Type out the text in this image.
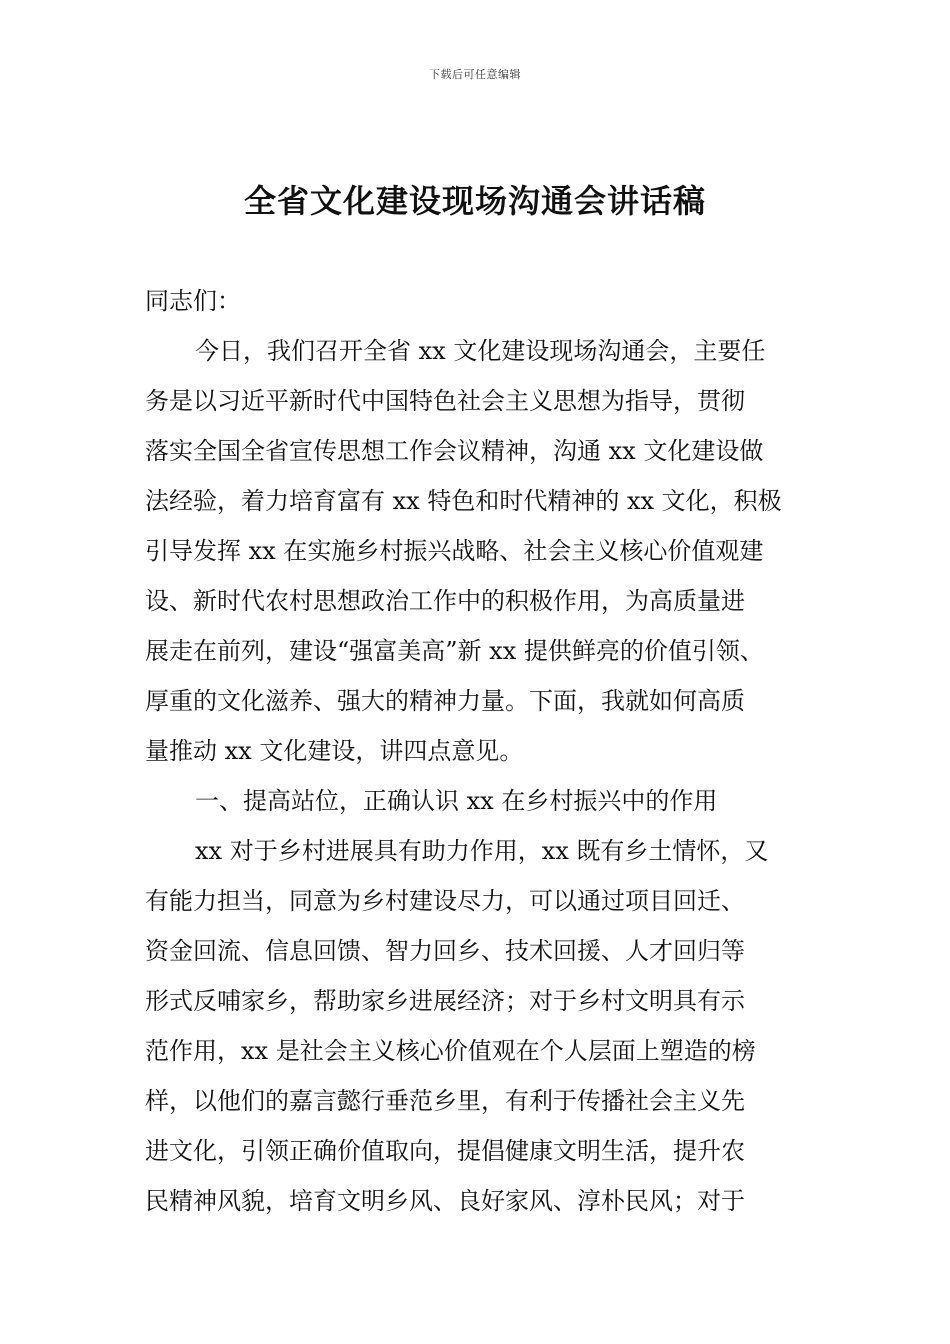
下载后可任意编辑
全省文化建设现场沟通会讲话稿
同志们：
今日，我们召开全省 xx 文化建设现场沟通会，主要任
务是以习近平新时代中国特色社会主义思想为指导，贯彻
落实全国全省宣传思想工作会议精神，沟通 xx 文化建设做
法经验，着力培育富有 xx 特色和时代精神的 xx 文化，积极
引导发挥 xx 在实施乡村振兴战略、社会主义核心价值观建
设、新时代农村思想政治工作中的积极作用，为高质量进
展走在前列，建设“强富美高”新 xx 提供鲜亮的价值引领、
厚重的文化滋养、强大的精神力量。下面，我就如何高质
量推动 xx 文化建设，讲四点意见。
一、提高站位，正确认识 xx 在乡村振兴中的作用
xx 对于乡村进展具有助力作用，xx 既有乡土情怀，又
有能力担当，同意为乡村建设尽力，可以通过项目回迁、
资金回流、信息回馈、智力回乡、技术回援、人才回归等
形式反哺家乡，帮助家乡进展经济；对于乡村文明具有示
范作用，xx 是社会主义核心价值观在个人层面上塑造的榜
样，以他们的嘉言懿行垂范乡里，有利于传播社会主义先
进文化，引领正确价值取向，提倡健康文明生活，提升农
民精神风貌，培育文明乡风、良好家风、淳朴民风；对于
